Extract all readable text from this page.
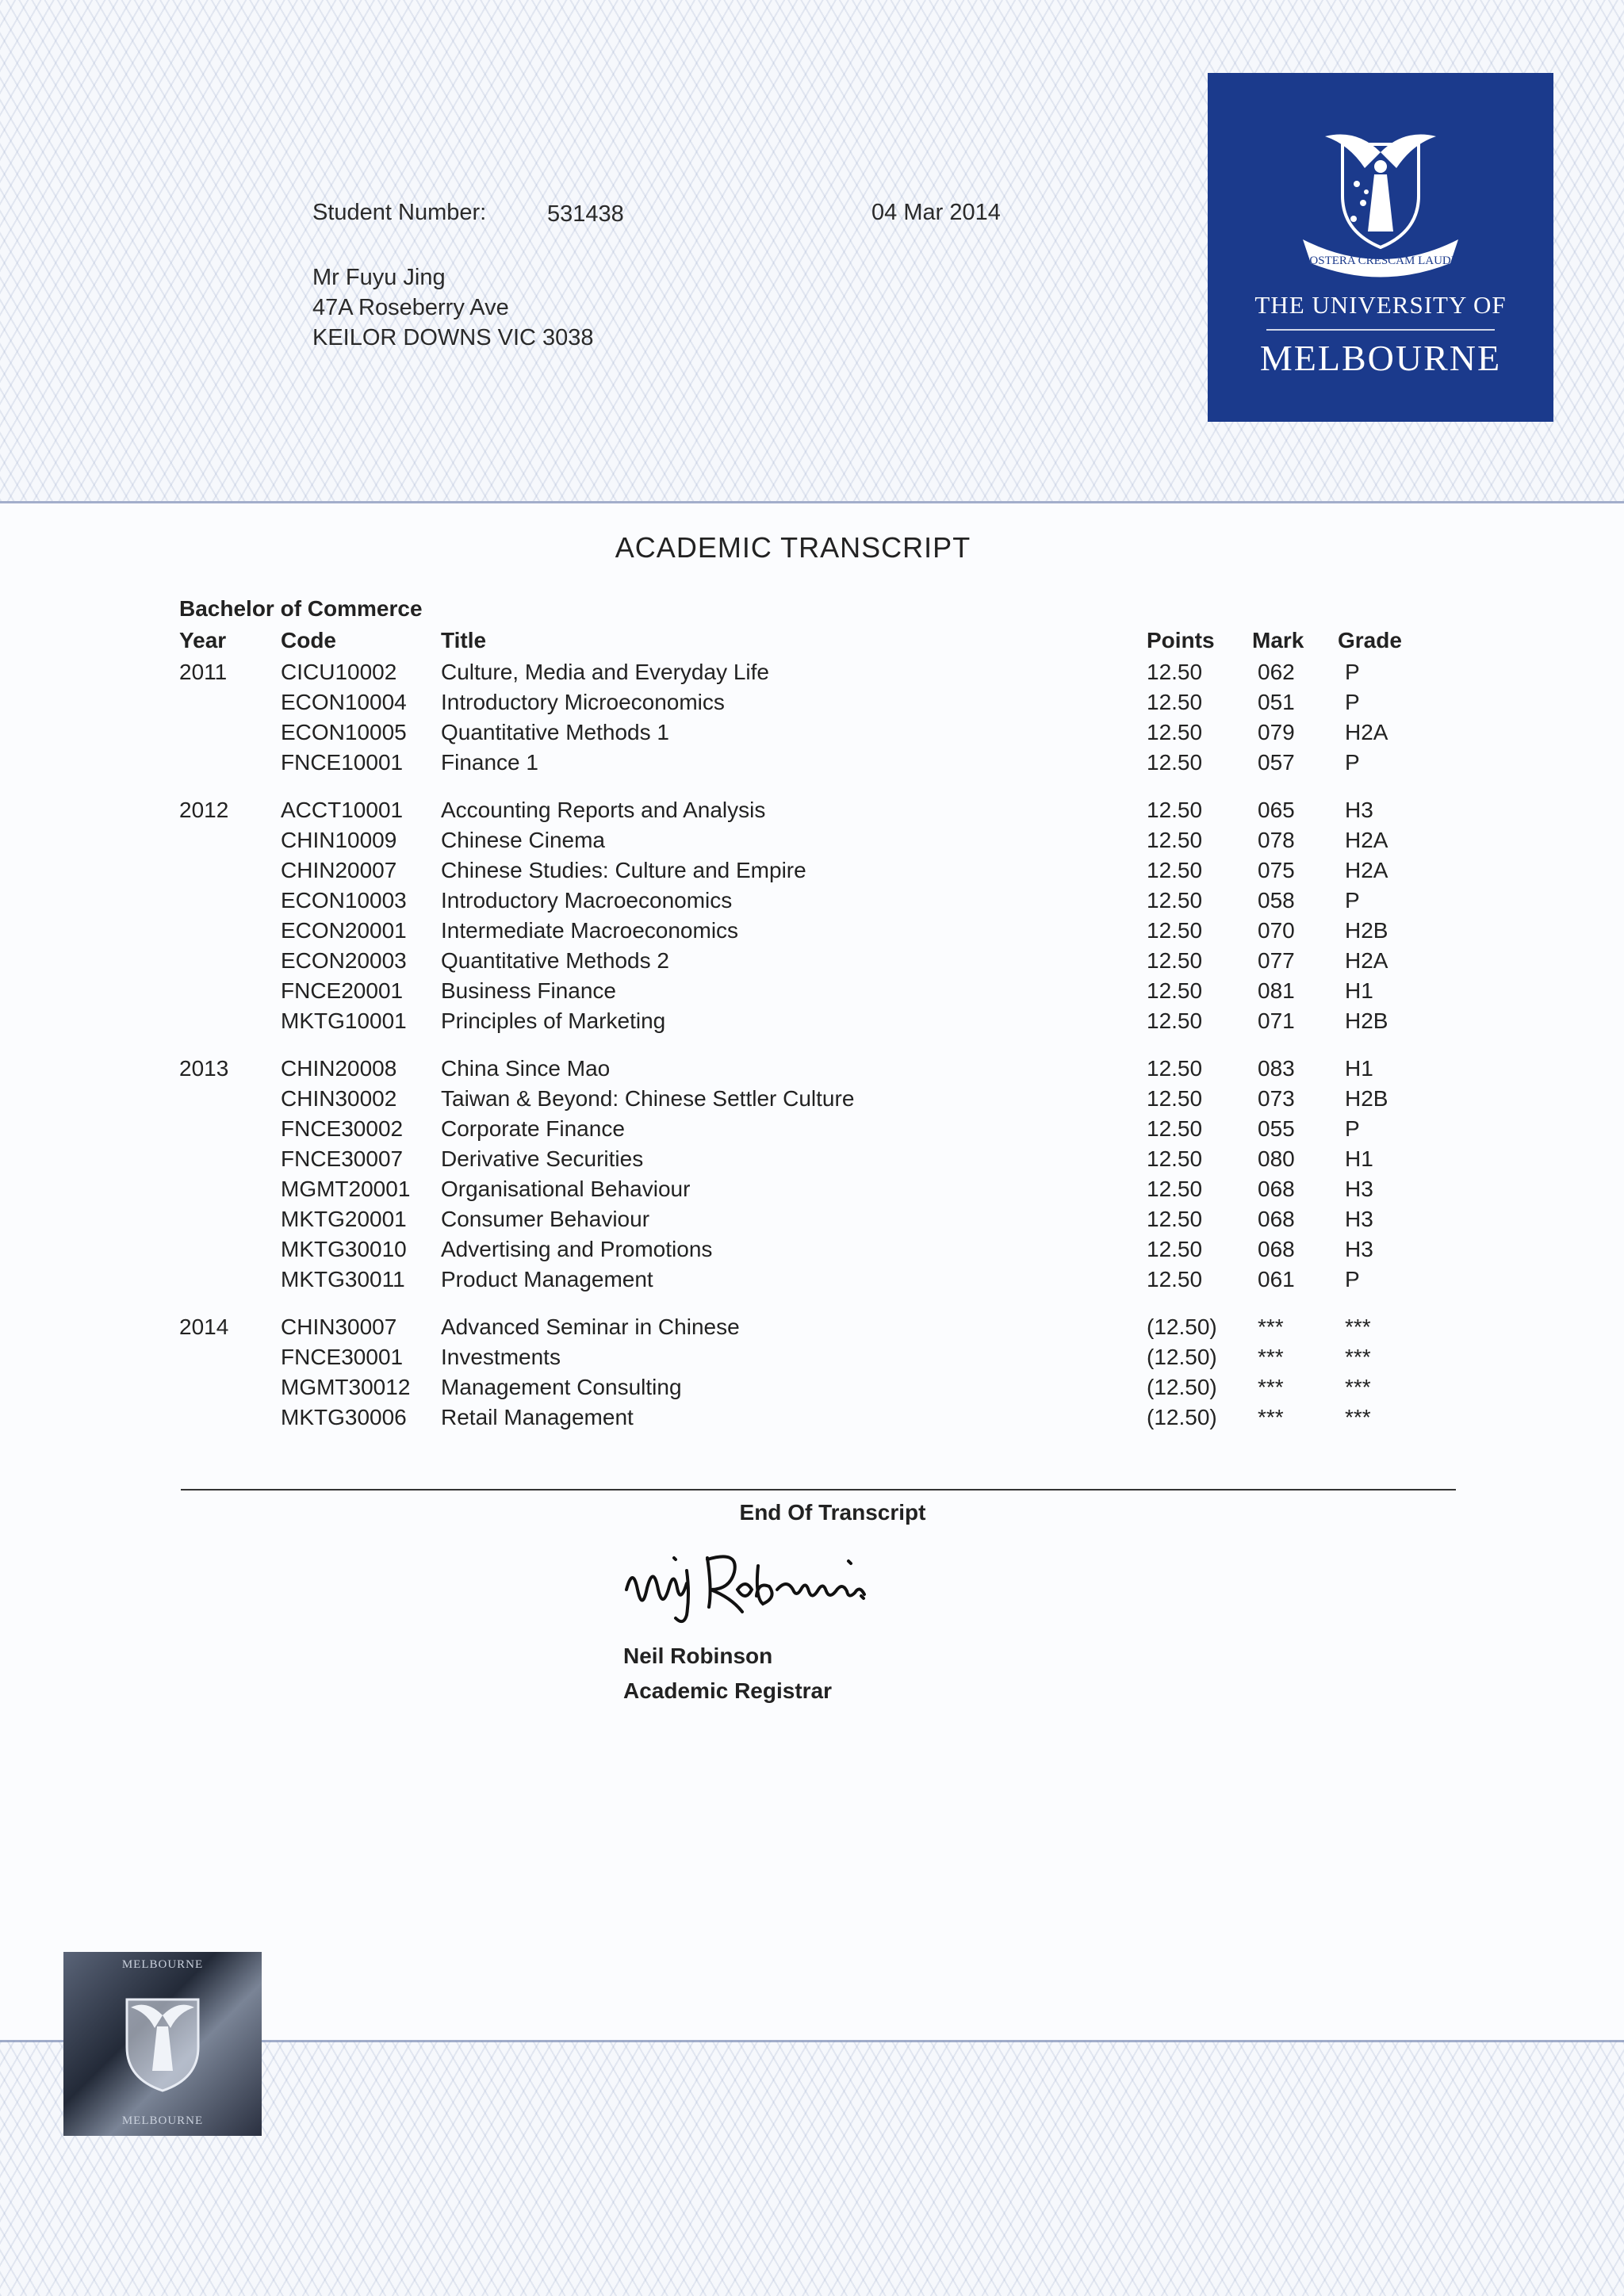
Student Number:	531438	04 Mar 2014
Mr Fuyu Jing
47A Roseberry Ave
KEILOR DOWNS VIC 3038
POSTERA CRESCAM LAUDE
THE UNIVERSITY OF
MELBOURNE
ACADEMIC TRANSCRIPT
Bachelor of Commerce
Year Code	Title	Points Mark Grade
2011 CICU10002 Culture, Media and Everyday Life	12.50 062 P
ECON10004 Introductory Microeconomics	12.50 051 P
ECON10005 Quantitative Methods 1	12.50 079 H2A
FNCE10001 Finance 1	12.50 057 P
2012 ACCT10001 Accounting Reports and Analysis	12.50 065 H3
CHIN10009 Chinese Cinema	12.50 078 H2A
CHIN20007 Chinese Studies: Culture and Empire	12.50 075 H2A
ECON10003 Introductory Macroeconomics	12.50 058 P
ECON20001 Intermediate Macroeconomics	12.50 070 H2B
ECON20003 Quantitative Methods 2	12.50 077 H2A
FNCE20001 Business Finance	12.50 081 H1
MKTG10001 Principles of Marketing	12.50 071 H2B
2013 CHIN20008 China Since Mao	12.50 083 H1
CHIN30002 Taiwan & Beyond: Chinese Settler Culture	12.50 073 H2B
FNCE30002 Corporate Finance	12.50 055 P
FNCE30007 Derivative Securities	12.50 080 H1
MGMT20001 Organisational Behaviour	12.50 068 H3
MKTG20001 Consumer Behaviour	12.50 068 H3
MKTG30010 Advertising and Promotions	12.50 068 H3
MKTG30011 Product Management	12.50 061 P
2014 CHIN30007 Advanced Seminar in Chinese	(12.50) ***	***
FNCE30001 Investments	(12.50) ***	***
MGMT30012 Management Consulting	(12.50) ***	***
MKTG30006 Retail Management	(12.50) ***	***
End Of Transcript
Neil Robinson
Academic Registrar
MELBOURNE
MELBOURNE
